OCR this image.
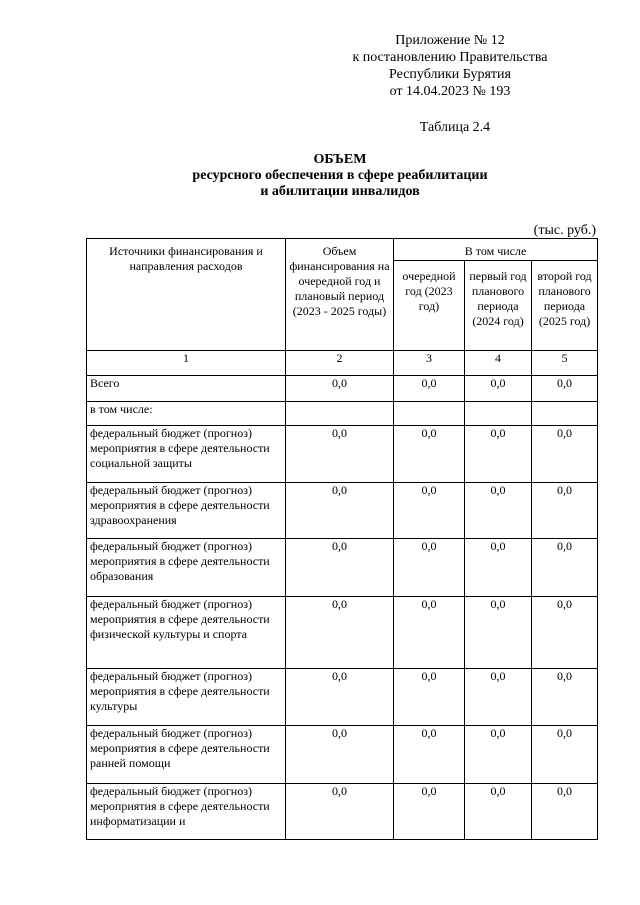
Приложение № 12
к постановлению Правительства
Республики Бурятия
от 14.04.2023 № 193
Таблица 2.4
ОБЪЕМ
ресурсного обеспечения в сфере реабилитации
и абилитации инвалидов
(тыс. руб.)
Источники финансирования и направления расходов	Объем финансирования на очередной год и плановый период (2023 - 2025 годы)	В том числе		
		очередной год (2023 год)	первый год планового периода (2024 год)	второй год планового периода (2025 год)
1	2	3	4	5
Всего	0,0	0,0	0,0	0,0
в том числе:				
федеральный бюджет (прогноз) мероприятия в сфере деятельности социальной защиты	0,0	0,0	0,0	0,0
федеральный бюджет (прогноз) мероприятия в сфере деятельности здравоохранения	0,0	0,0	0,0	0,0
федеральный бюджет (прогноз) мероприятия в сфере деятельности образования	0,0	0,0	0,0	0,0
федеральный бюджет (прогноз) мероприятия в сфере деятельности физической культуры и спорта	0,0	0,0	0,0	0,0
федеральный бюджет (прогноз) мероприятия в сфере деятельности культуры	0,0	0,0	0,0	0,0
федеральный бюджет (прогноз) мероприятия в сфере деятельности ранней помощи	0,0	0,0	0,0	0,0
федеральный бюджет (прогноз) мероприятия в сфере деятельности информатизации и	0,0	0,0	0,0	0,0
